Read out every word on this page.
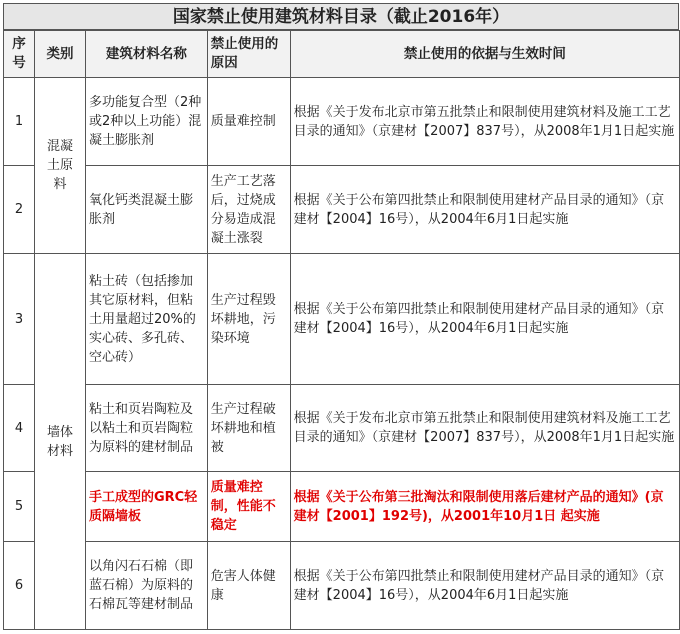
国家禁止使用建筑材料目录（截止2016年）
序号	类别	建筑材料名称	禁止使用的原因	禁止使用的依据与生效时间
1	混凝土原料	多功能复合型（2种或2种以上功能）混凝土膨胀剂	质量难控制	根据《关于发布北京市第五批禁止和限制使用建筑材料及施工工艺目录的通知》（京建材【2007】837号），从2008年1月1日起实施
2		氧化钙类混凝土膨胀剂	生产工艺落后，过烧成分易造成混凝土涨裂	根据《关于公布第四批禁止和限制使用建材产品目录的通知》（京建材【2004】16号），从2004年6月1日起实施
3	墙体材料	粘土砖（包括掺加其它原材料，但粘土用量超过20%的实心砖、多孔砖、空心砖）	生产过程毁坏耕地，污染环境	根据《关于公布第四批禁止和限制使用建材产品目录的通知》（京建材【2004】16号），从2004年6月1日起实施
4		粘土和页岩陶粒及以粘土和页岩陶粒为原料的建材制品	生产过程破坏耕地和植被	根据《关于发布北京市第五批禁止和限制使用建筑材料及施工工艺目录的通知》（京建材【2007】837号），从2008年1月1日起实施
5		手工成型的GRC轻质隔墙板	质量难控制，性能不稳定	根据《关于公布第三批淘汰和限制使用落后建材产品的通知》(京建材【2001】192号)，从2001年10月1日 起实施
6		以角闪石石棉（即蓝石棉）为原料的石棉瓦等建材制品	危害人体健康	根据《关于公布第四批禁止和限制使用建材产品目录的通知》（京建材【2004】16号），从2004年6月1日起实施
